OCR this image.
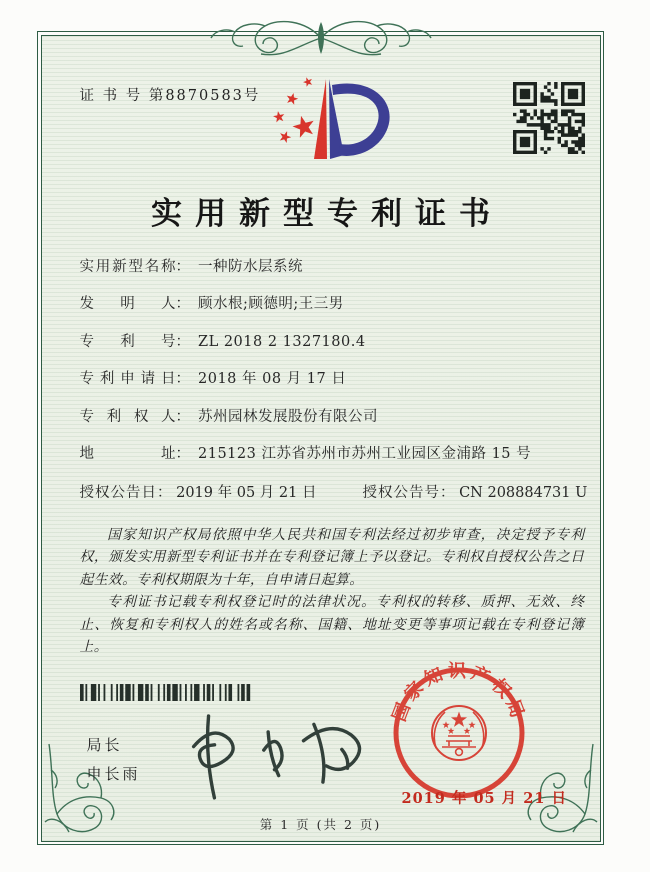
证 书 号 第8870583号
实用新型专利证书
实用新型名称： 一种防水层系统
发明人： 顾水根;顾德明;王三男
专利号： ZL 2018 2 1327180.4
专利申请日： 2018 年 08 月 17 日
专利权人： 苏州园林发展股份有限公司
地址： 215123 江苏省苏州市苏州工业园区金浦路 15 号
授权公告日： 2019 年 05 月 21 日	授权公告号： CN 208884731 U

国家知识产权局依照中华人民共和国专利法经过初步审查，决定授予专利权，颁发实用新型专利证书并在专利登记簿上予以登记。专利权自授权公告之日起生效。专利权期限为十年，自申请日起算。

专利证书记载专利权登记时的法律状况。专利权的转移、质押、无效、终止、恢复和专利权人的姓名或名称、国籍、地址变更等事项记载在专利登记簿上。

局长
申长雨
国家知识产权局
2019 年 05 月 21 日
第 1 页 (共 2 页)
